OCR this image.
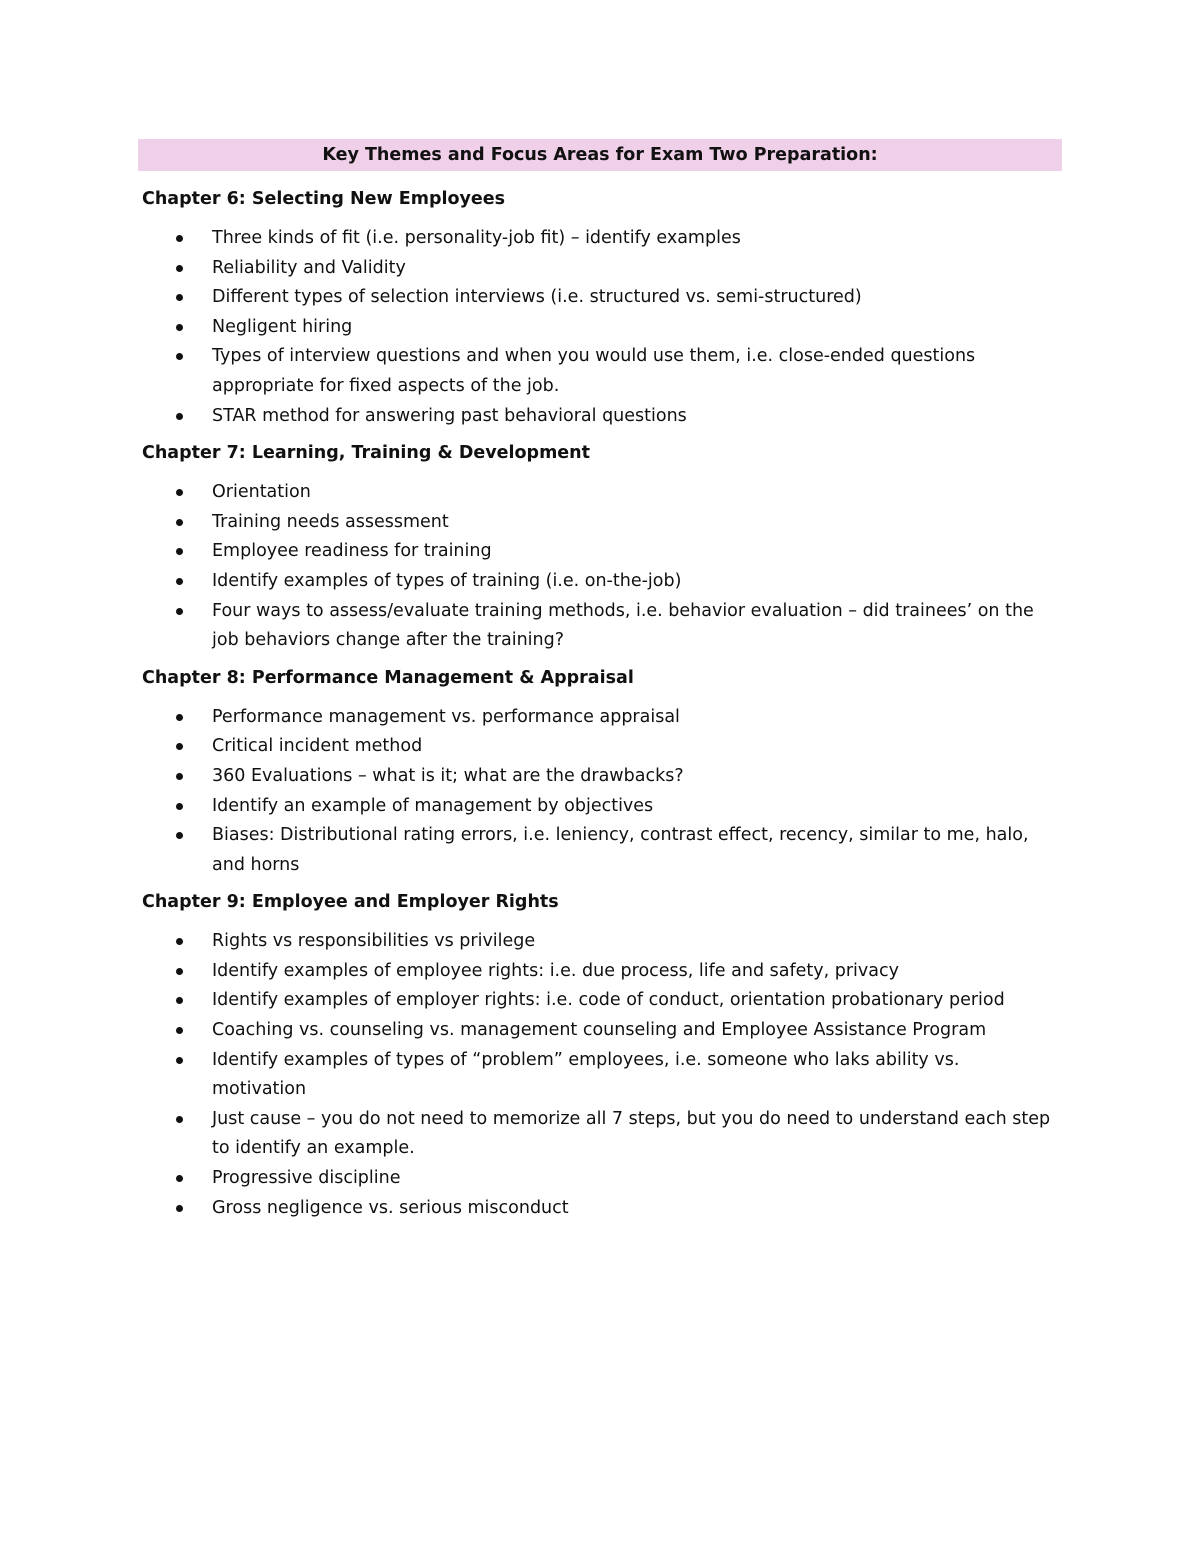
Key Themes and Focus Areas for Exam Two Preparation:

Chapter 6: Selecting New Employees

Three kinds of fit (i.e. personality-job fit) – identify examples
Reliability and Validity
Different types of selection interviews (i.e. structured vs. semi-structured)
Negligent hiring
Types of interview questions and when you would use them, i.e. close-ended questions appropriate for fixed aspects of the job.
STAR method for answering past behavioral questions

Chapter 7: Learning, Training & Development

Orientation
Training needs assessment
Employee readiness for training
Identify examples of types of training (i.e. on-the-job)
Four ways to assess/evaluate training methods, i.e. behavior evaluation – did trainees’ on the job behaviors change after the training?

Chapter 8: Performance Management & Appraisal

Performance management vs. performance appraisal
Critical incident method
360 Evaluations – what is it; what are the drawbacks?
Identify an example of management by objectives
Biases: Distributional rating errors, i.e. leniency, contrast effect, recency, similar to me, halo, and horns

Chapter 9: Employee and Employer Rights

Rights vs responsibilities vs privilege
Identify examples of employee rights: i.e. due process, life and safety, privacy
Identify examples of employer rights: i.e. code of conduct, orientation probationary period
Coaching vs. counseling vs. management counseling and Employee Assistance Program
Identify examples of types of “problem” employees, i.e. someone who laks ability vs. motivation
Just cause – you do not need to memorize all 7 steps, but you do need to understand each step to identify an example.
Progressive discipline
Gross negligence vs. serious misconduct
